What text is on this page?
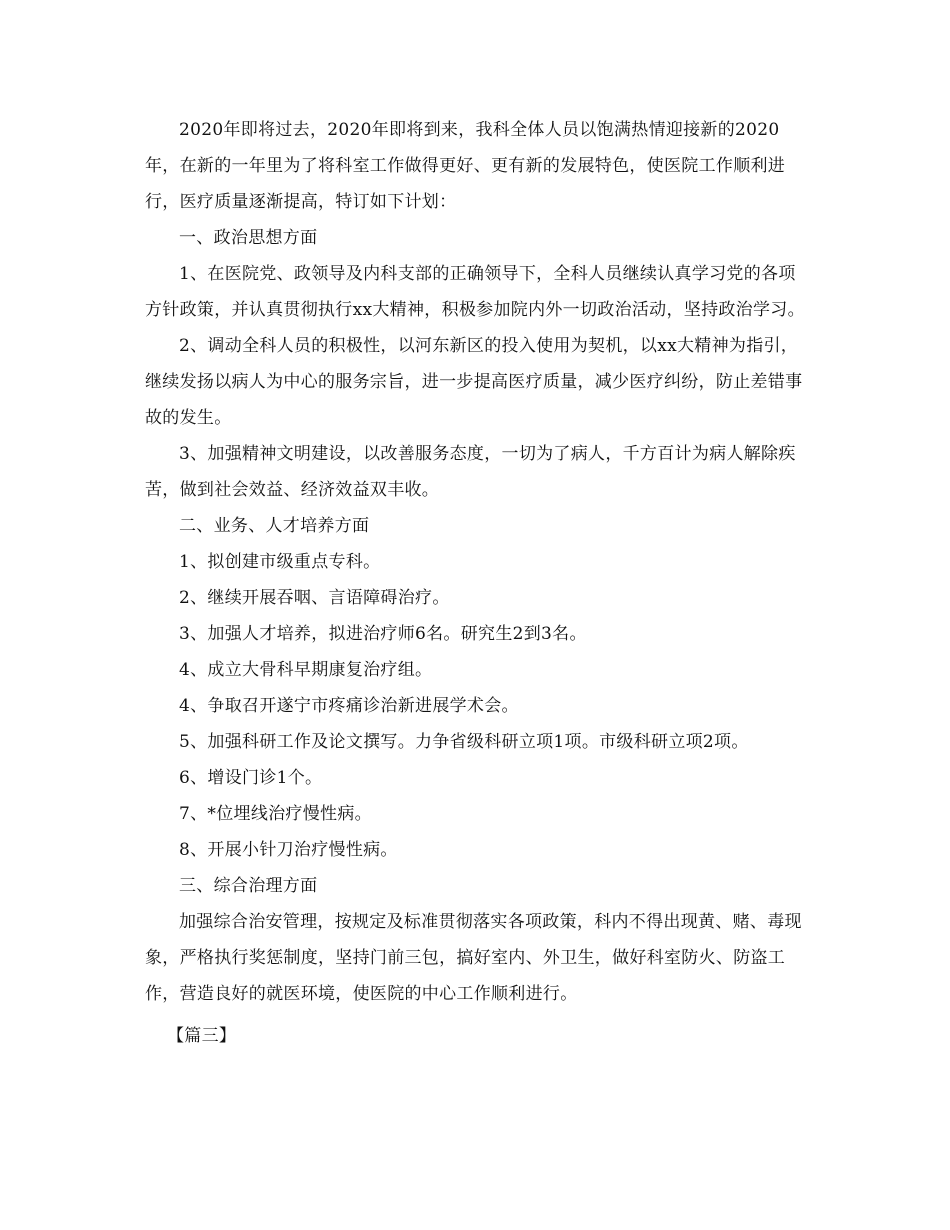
2020年即将过去，2020年即将到来，我科全体人员以饱满热情迎接新的2020年，在新的一年里为了将科室工作做得更好、更有新的发展特色，使医院工作顺利进行，医疗质量逐渐提高，特订如下计划：

一、政治思想方面

1、在医院党、政领导及内科支部的正确领导下，全科人员继续认真学习党的各项方针政策，并认真贯彻执行xx大精神，积极参加院内外一切政治活动，坚持政治学习。

2、调动全科人员的积极性，以河东新区的投入使用为契机，以xx大精神为指引，继续发扬以病人为中心的服务宗旨，进一步提高医疗质量，减少医疗纠纷，防止差错事故的发生。

3、加强精神文明建设，以改善服务态度，一切为了病人，千方百计为病人解除疾苦，做到社会效益、经济效益双丰收。

二、业务、人才培养方面

1、拟创建市级重点专科。

2、继续开展吞咽、言语障碍治疗。

3、加强人才培养，拟进治疗师6名。研究生2到3名。

4、成立大骨科早期康复治疗组。

4、争取召开遂宁市疼痛诊治新进展学术会。

5、加强科研工作及论文撰写。力争省级科研立项1项。市级科研立项2项。

6、增设门诊1个。

7、*位埋线治疗慢性病。

8、开展小针刀治疗慢性病。

三、综合治理方面

加强综合治安管理，按规定及标准贯彻落实各项政策，科内不得出现黄、赌、毒现象，严格执行奖惩制度，坚持门前三包，搞好室内、外卫生，做好科室防火、防盗工作，营造良好的就医环境，使医院的中心工作顺利进行。

【篇三】
